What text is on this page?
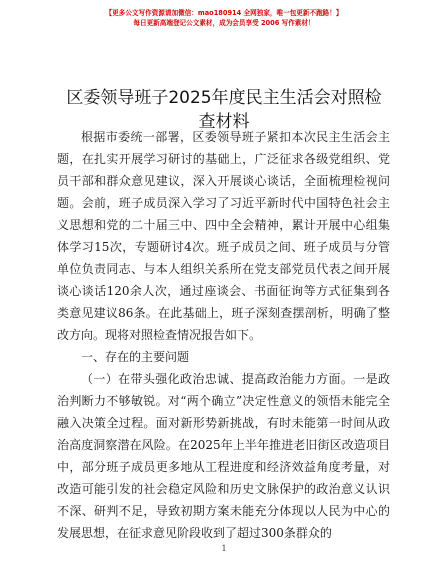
【更多公文写作资源请加微信：mao180914 全网独家，唯一包更新不跑路！】
每日更新高端登记公文素材，成为会员享受 2006 写作素材！
区委领导班子2025年度民主生活会对照检查材料

根据市委统一部署，区委领导班子紧扣本次民主生活会主题，在扎实开展学习研讨的基础上，广泛征求各级党组织、党员干部和群众意见建议，深入开展谈心谈话，全面梳理检视问题。会前，班子成员深入学习了习近平新时代中国特色社会主义思想和党的二十届三中、四中全会精神，累计开展中心组集体学习15次，专题研讨4次。班子成员之间、班子成员与分管单位负责同志、与本人组织关系所在党支部党员代表之间开展谈心谈话120余人次，通过座谈会、书面征询等方式征集到各类意见建议86条。在此基础上，班子深刻查摆剖析，明确了整改方向。现将对照检查情况报告如下。

一、存在的主要问题

（一）在带头强化政治忠诚、提高政治能力方面。一是政治判断力不够敏锐。对“两个确立”决定性意义的领悟未能完全融入决策全过程。面对新形势新挑战，有时未能第一时间从政治高度洞察潜在风险。在2025年上半年推进老旧街区改造项目中，部分班子成员更多地从工程进度和经济效益角度考量，对改造可能引发的社会稳定风险和历史文脉保护的政治意义认识不深、研判不足，导致初期方案未能充分体现以人民为中心的发展思想，在征求意见阶段收到了超过300条群众的

1
